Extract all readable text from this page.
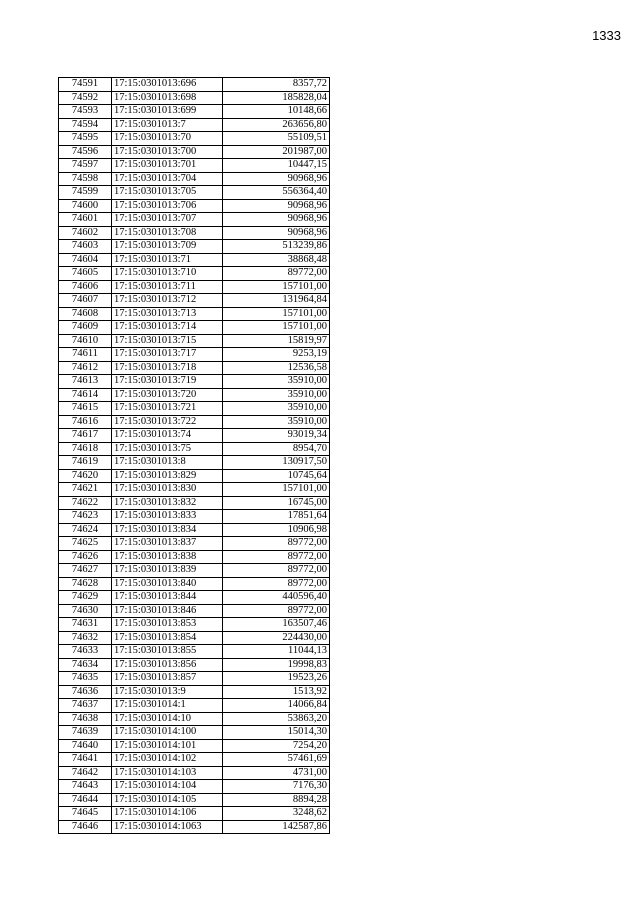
1333
74591	17:15:0301013:696	8357,72
74592	17:15:0301013:698	185828,04
74593	17:15:0301013:699	10148,66
74594	17:15:0301013:7	263656,80
74595	17:15:0301013:70	55109,51
74596	17:15:0301013:700	201987,00
74597	17:15:0301013:701	10447,15
74598	17:15:0301013:704	90968,96
74599	17:15:0301013:705	556364,40
74600	17:15:0301013:706	90968,96
74601	17:15:0301013:707	90968,96
74602	17:15:0301013:708	90968,96
74603	17:15:0301013:709	513239,86
74604	17:15:0301013:71	38868,48
74605	17:15:0301013:710	89772,00
74606	17:15:0301013:711	157101,00
74607	17:15:0301013:712	131964,84
74608	17:15:0301013:713	157101,00
74609	17:15:0301013:714	157101,00
74610	17:15:0301013:715	15819,97
74611	17:15:0301013:717	9253,19
74612	17:15:0301013:718	12536,58
74613	17:15:0301013:719	35910,00
74614	17:15:0301013:720	35910,00
74615	17:15:0301013:721	35910,00
74616	17:15:0301013:722	35910,00
74617	17:15:0301013:74	93019,34
74618	17:15:0301013:75	8954,70
74619	17:15:0301013:8	130917,50
74620	17:15:0301013:829	10745,64
74621	17:15:0301013:830	157101,00
74622	17:15:0301013:832	16745,00
74623	17:15:0301013:833	17851,64
74624	17:15:0301013:834	10906,98
74625	17:15:0301013:837	89772,00
74626	17:15:0301013:838	89772,00
74627	17:15:0301013:839	89772,00
74628	17:15:0301013:840	89772,00
74629	17:15:0301013:844	440596,40
74630	17:15:0301013:846	89772,00
74631	17:15:0301013:853	163507,46
74632	17:15:0301013:854	224430,00
74633	17:15:0301013:855	11044,13
74634	17:15:0301013:856	19998,83
74635	17:15:0301013:857	19523,26
74636	17:15:0301013:9	1513,92
74637	17:15:0301014:1	14066,84
74638	17:15:0301014:10	53863,20
74639	17:15:0301014:100	15014,30
74640	17:15:0301014:101	7254,20
74641	17:15:0301014:102	57461,69
74642	17:15:0301014:103	4731,00
74643	17:15:0301014:104	7176,30
74644	17:15:0301014:105	8894,28
74645	17:15:0301014:106	3248,62
74646	17:15:0301014:1063	142587,86
